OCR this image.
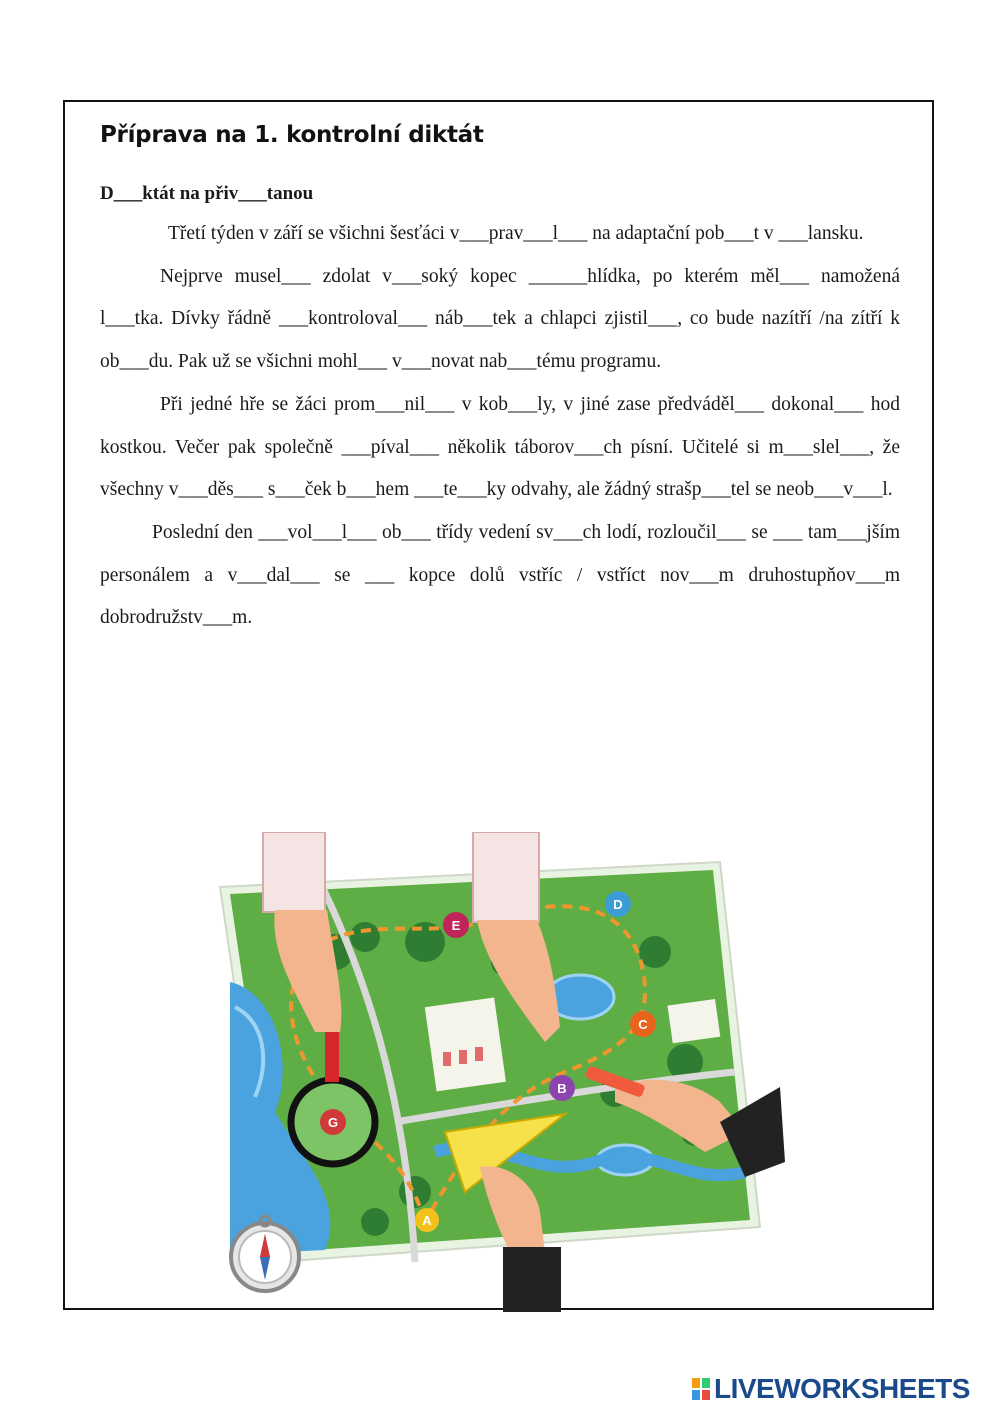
Příprava na 1. kontrolní diktát
D___ktát na přiv___tanou

Třetí týden v září se všichni šesťáci v___prav___l___ na adaptační pob___t v ___lansku.

Nejprve musel___ zdolat v___soký kopec ______hlídka, po kterém měl___ namožená l___tka. Dívky řádně ___kontroloval___ náb___tek a chlapci zjistil___, co bude nazítří /na zítří k ob___du. Pak už se všichni mohl___ v___novat nab___tému programu.

Při jedné hře se žáci prom___nil___ v kob___ly, v jiné zase předváděl___ dokonal___ hod kostkou. Večer pak společně ___píval___ několik táborov___ch písní. Učitelé si m___slel___, že všechny v___děs___ s___ček b___hem ___te___ky odvahy, ale žádný strašp___tel se neob___v___l.

Poslední den ___vol___l___ ob___ třídy vedení sv___ch lodí, rozloučil___ se ___ tam___jším personálem a v___dal___ se ___ kopce dolů vstříc / vstříct nov___m druhostupňov___m dobrodružstv___m.

A
B
C
D
E
G
LIVEWORKSHEETS
